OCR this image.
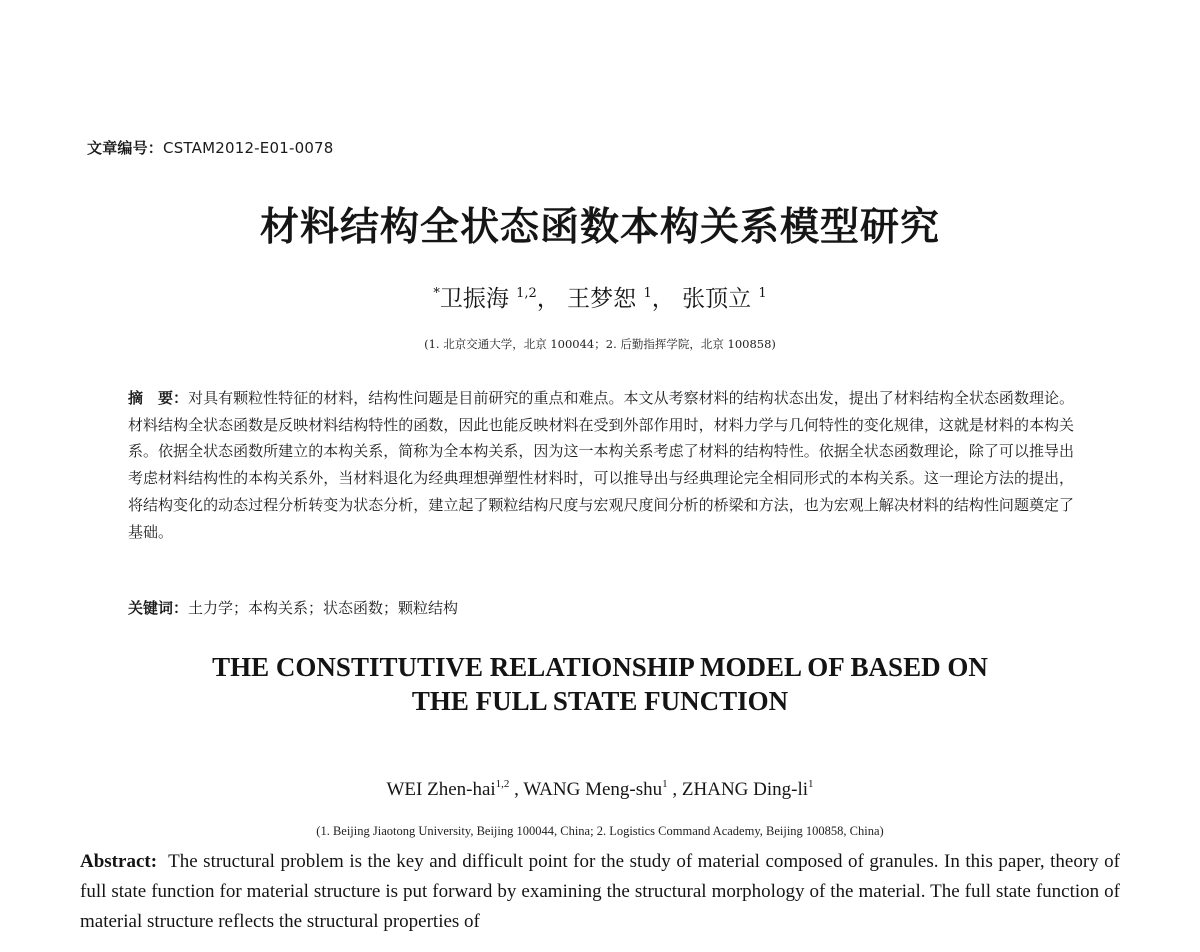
文章编号：CSTAM2012-E01-0078
材料结构全状态函数本构关系模型研究
*卫振海 $^{1,2}$， 王梦恕 $^1$， 张顶立 $^1$
(1. 北京交通大学，北京 100044；2. 后勤指挥学院，北京 100858)
摘　要：对具有颗粒性特征的材料，结构性问题是目前研究的重点和难点。本文从考察材料的结构状态出发，提出了材料结构全状态函数理论。材料结构全状态函数是反映材料结构特性的函数，因此也能反映材料在受到外部作用时，材料力学与几何特性的变化规律，这就是材料的本构关系。依据全状态函数所建立的本构关系，简称为全本构关系，因为这一本构关系考虑了材料的结构特性。依据全状态函数理论，除了可以推导出考虑材料结构性的本构关系外，当材料退化为经典理想弹塑性材料时，可以推导出与经典理论完全相同形式的本构关系。这一理论方法的提出，将结构变化的动态过程分析转变为状态分析，建立起了颗粒结构尺度与宏观尺度间分析的桥梁和方法，也为宏观上解决材料的结构性问题奠定了基础。
关键词：土力学；本构关系；状态函数；颗粒结构
THE CONSTITUTIVE RELATIONSHIP MODEL OF BASED ON
THE FULL STATE FUNCTION
WEI Zhen-hai$^{1,2}$ , WANG Meng-shu$^1$ , ZHANG Ding-$li^1$
(1. Beijing Jiaotong University, Beijing 100044, China; 2. Logistics Command Academy, Beijing 100858, China)
Abstract: The structural problem is the key and difficult point for the study of material composed of granules. In this paper, theory of full state function for material structure is put forward by examining the structural morphology of the material. The full state function of material structure reflects the structural properties of
